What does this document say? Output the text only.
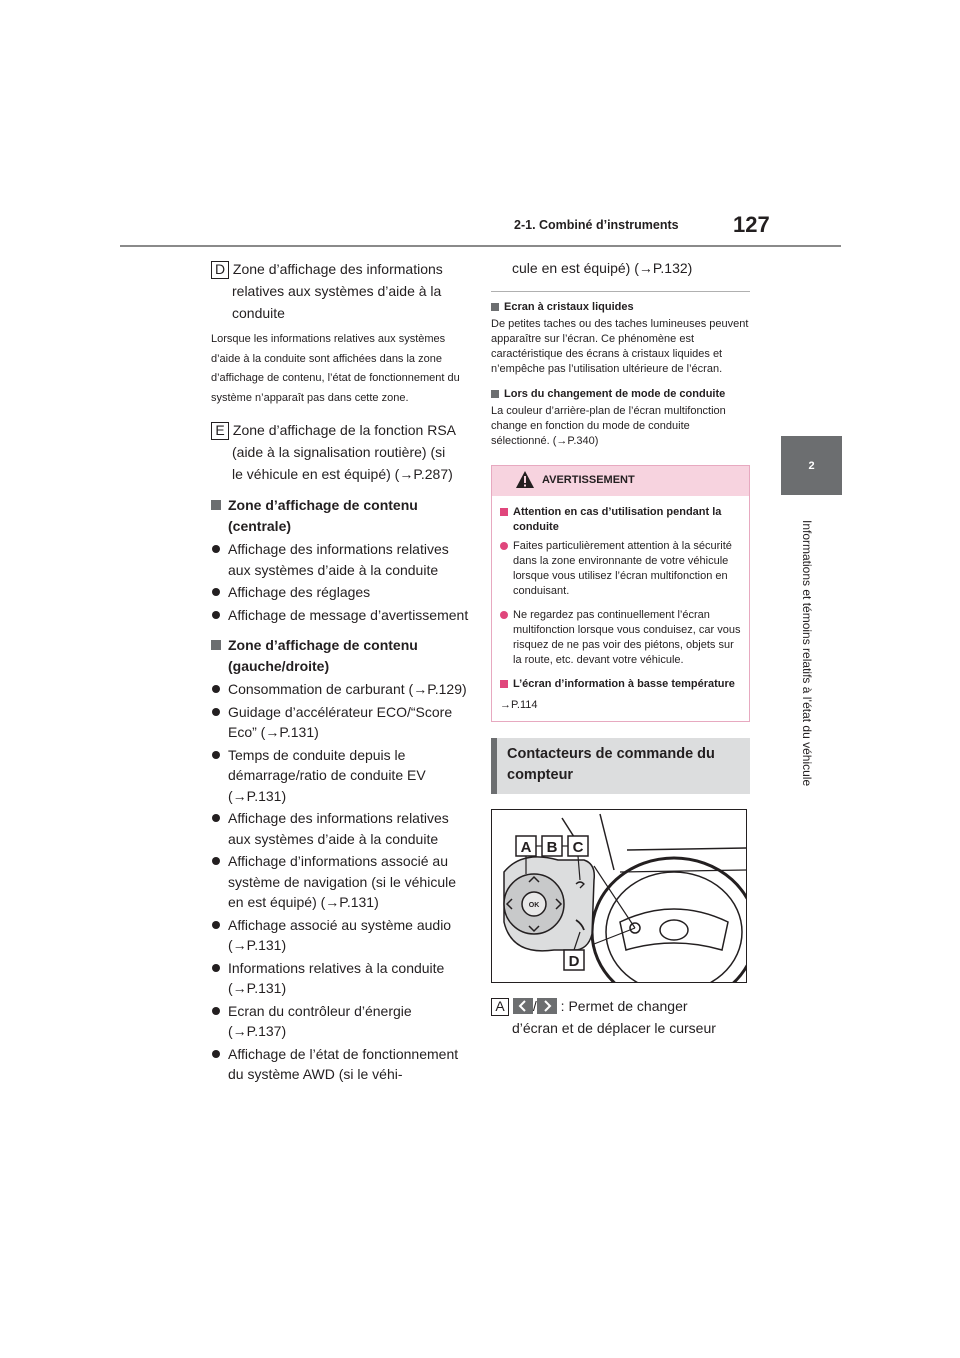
2-1. Combiné d’instruments 127
2
Informations et témoins relatifs à l’état du véhicule
D Zone d’affichage des informations
relatives aux systèmes d’aide à la
conduite
Lorsque les informations relatives aux systèmes d’aide à la conduite sont affichées dans la zone d’affichage de contenu, l’état de fonctionnement du système n’apparaît pas dans cette zone.
E Zone d’affichage de la fonction RSA
(aide à la signalisation routière) (si
le véhicule en est équipé) (→P.287)
Zone d’affichage de contenu (centrale)
Affichage des informations relatives aux systèmes d’aide à la conduite
Affichage des réglages
Affichage de message d’avertissement
Zone d’affichage de contenu (gauche/droite)
Consommation de carburant (→P.129)
Guidage d’accélérateur ECO/“Score Eco” (→P.131)
Temps de conduite depuis le démarrage/ratio de conduite EV (→P.131)
Affichage des informations relatives aux systèmes d’aide à la conduite
Affichage d’informations associé au système de navigation (si le véhicule en est équipé) (→P.131)
Affichage associé au système audio (→P.131)
Informations relatives à la conduite (→P.131)
Ecran du contrôleur d’énergie (→P.137)
Affichage de l’état de fonctionnement du système AWD (si le véhi-
cule en est équipé) (→P.132)
Ecran à cristaux liquides
De petites taches ou des taches lumineuses peuvent apparaître sur l’écran. Ce phénomène est caractéristique des écrans à cristaux liquides et n’empêche pas l’utilisation ultérieure de l’écran.
Lors du changement de mode de conduite
La couleur d’arrière-plan de l’écran multifonction change en fonction du mode de conduite sélectionné. (→P.340)
AVERTISSEMENT
Attention en cas d’utilisation pendant la conduite
Faites particulièrement attention à la sécurité dans la zone environnante de votre véhicule lorsque vous utilisez l’écran multifonction en conduisant.
Ne regardez pas continuellement l’écran multifonction lorsque vous conduisez, car vous risquez de ne pas voir des piétons, objets sur la route, etc. devant votre véhicule.
L’écran d’information à basse température
→P.114
Contacteurs de commande du compteur
OK
A B C
D
A / : Permet de changer
d’écran et de déplacer le curseur
